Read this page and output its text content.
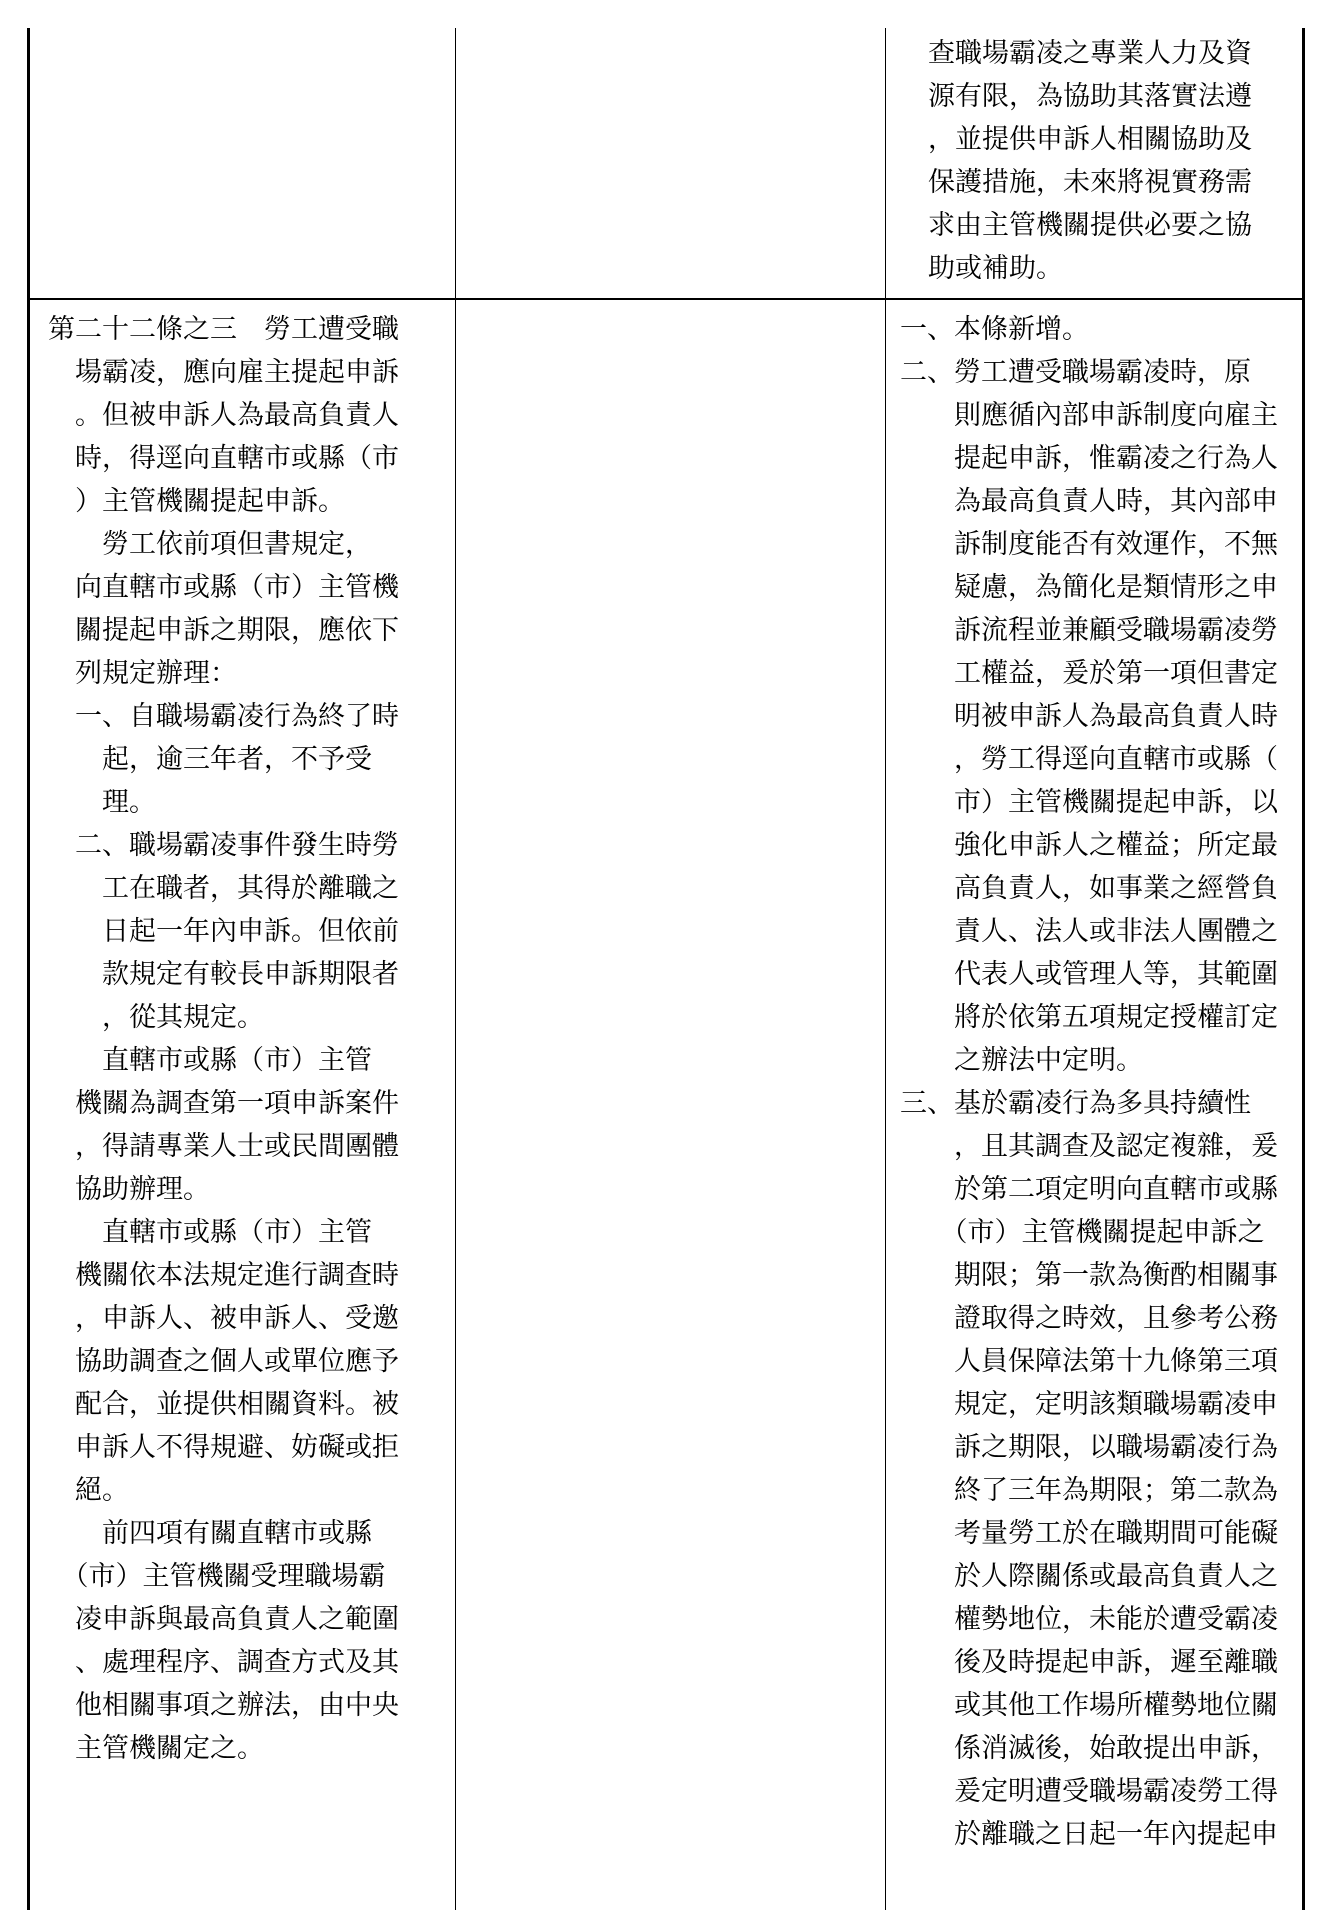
查職場霸凌之專業人力及資
源有限，為協助其落實法遵
，並提供申訴人相關協助及
保護措施，未來將視實務需
求由主管機關提供必要之協
助或補助。
第二十二條之三　勞工遭受職
　場霸凌，應向雇主提起申訴
　。但被申訴人為最高負責人
　時，得逕向直轄市或縣（市
　）主管機關提起申訴。
　　勞工依前項但書規定，
　向直轄市或縣（市）主管機
　關提起申訴之期限，應依下
　列規定辦理：
　一、自職場霸凌行為終了時
　　起，逾三年者，不予受
　　理。
　二、職場霸凌事件發生時勞
　　工在職者，其得於離職之
　　日起一年內申訴。但依前
　　款規定有較長申訴期限者
　　，從其規定。
　　直轄市或縣（市）主管
　機關為調查第一項申訴案件
　，得請專業人士或民間團體
　協助辦理。
　　直轄市或縣（市）主管
　機關依本法規定進行調查時
　，申訴人、被申訴人、受邀
　協助調查之個人或單位應予
　配合，並提供相關資料。被
　申訴人不得規避、妨礙或拒
　絕。
　　前四項有關直轄市或縣
　（市）主管機關受理職場霸
　凌申訴與最高負責人之範圍
　、處理程序、調查方式及其
　他相關事項之辦法，由中央
　主管機關定之。
一、本條新增。
二、勞工遭受職場霸凌時，原
　　則應循內部申訴制度向雇主
　　提起申訴，惟霸凌之行為人
　　為最高負責人時，其內部申
　　訴制度能否有效運作，不無
　　疑慮，為簡化是類情形之申
　　訴流程並兼顧受職場霸凌勞
　　工權益，爰於第一項但書定
　　明被申訴人為最高負責人時
　　，勞工得逕向直轄市或縣（
　　市）主管機關提起申訴，以
　　強化申訴人之權益；所定最
　　高負責人，如事業之經營負
　　責人、法人或非法人團體之
　　代表人或管理人等，其範圍
　　將於依第五項規定授權訂定
　　之辦法中定明。
三、基於霸凌行為多具持續性
　　，且其調查及認定複雜，爰
　　於第二項定明向直轄市或縣
　　（市）主管機關提起申訴之
　　期限；第一款為衡酌相關事
　　證取得之時效，且參考公務
　　人員保障法第十九條第三項
　　規定，定明該類職場霸凌申
　　訴之期限，以職場霸凌行為
　　終了三年為期限；第二款為
　　考量勞工於在職期間可能礙
　　於人際關係或最高負責人之
　　權勢地位，未能於遭受霸凌
　　後及時提起申訴，遲至離職
　　或其他工作場所權勢地位關
　　係消滅後，始敢提出申訴，
　　爰定明遭受職場霸凌勞工得
　　於離職之日起一年內提起申
